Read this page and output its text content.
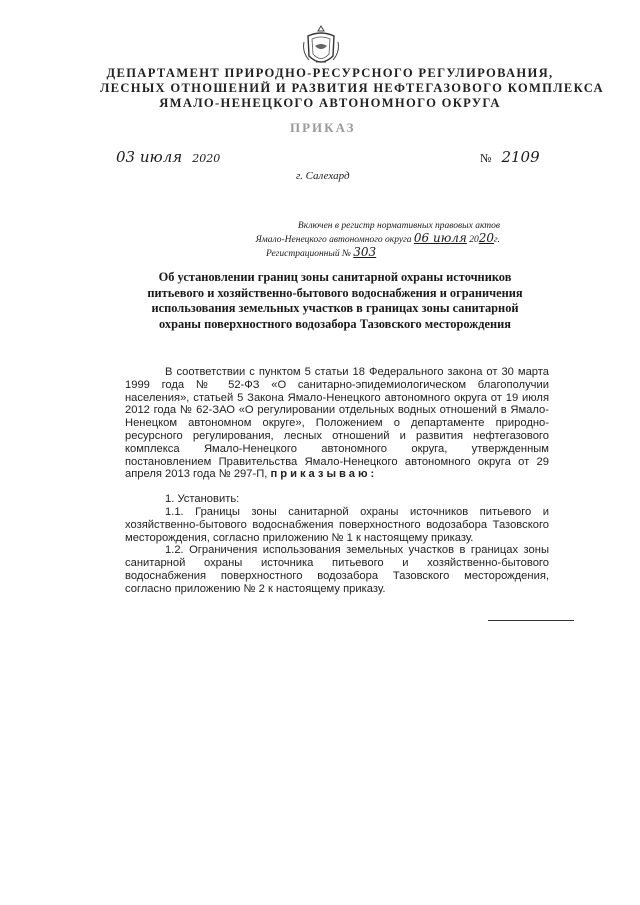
ДЕПАРТАМЕНТ ПРИРОДНО-РЕСУРСНОГО РЕГУЛИРОВАНИЯ,
ЛЕСНЫХ ОТНОШЕНИЙ И РАЗВИТИЯ НЕФТЕГАЗОВОГО КОМПЛЕКСА
ЯМАЛО-НЕНЕЦКОГО АВТОНОМНОГО ОКРУГА
ПРИКАЗ
03 июля 2020	№ 2109
г. Салехард
Включен в регистр нормативных правовых актов
Ямало-Ненецкого автономного округа 06 июля 2020г.
Регистрационный № 303
Об установлении границ зоны санитарной охраны источников питьевого и хозяйственно-бытового водоснабжения и ограничения использования земельных участков в границах зоны санитарной охраны поверхностного водозабора Тазовского месторождения

В соответствии с пунктом 5 статьи 18 Федерального закона от 30 марта 1999 года № 52-ФЗ «О санитарно-эпидемиологическом благополучии населения», статьей 5 Закона Ямало-Ненецкого автономного округа от 19 июля 2012 года № 62-ЗАО «О регулировании отдельных водных отношений в Ямало-Ненецком автономном округе», Положением о департаменте природно-ресурсного регулирования, лесных отношений и развития нефтегазового комплекса Ямало-Ненецкого автономного округа, утвержденным постановлением Правительства Ямало-Ненецкого автономного округа от 29 апреля 2013 года № 297-П, приказываю:

1. Установить:

1.1. Границы зоны санитарной охраны источников питьевого и хозяйственно-бытового водоснабжения поверхностного водозабора Тазовского месторождения, согласно приложению № 1 к настоящему приказу.

1.2. Ограничения использования земельных участков в границах зоны санитарной охраны источника питьевого и хозяйственно-бытового водоснабжения поверхностного водозабора Тазовского месторождения, согласно приложению № 2 к настоящему приказу.
